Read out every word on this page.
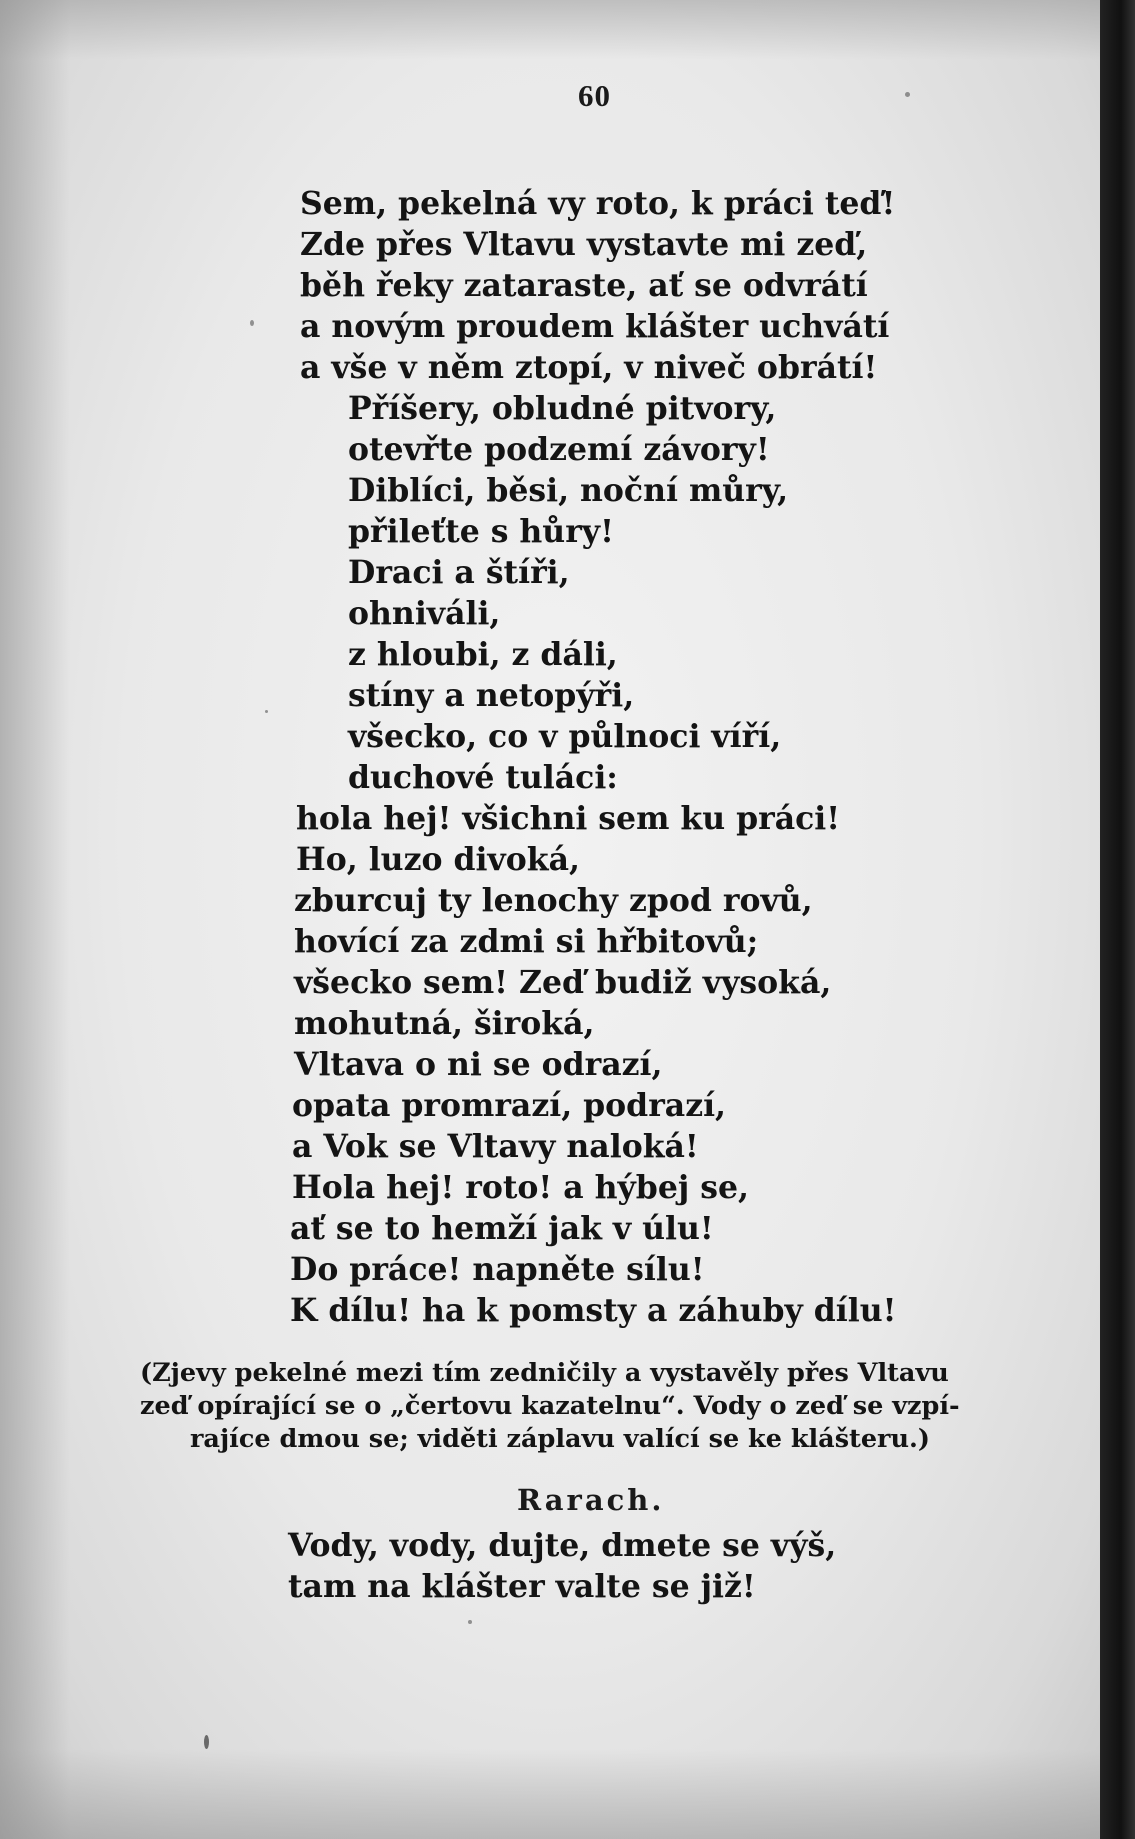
60
Sem, pekelná vy roto, k práci teď!
Zde přes Vltavu vystavte mi zeď,
běh řeky zataraste, ať se odvrátí
a novým proudem klášter uchvátí
a vše v něm ztopí, v niveč obrátí!
Příšery, obludné pitvory,
otevřte podzemí závory!
Diblíci, běsi, noční můry,
přileťte s hůry!
Draci a štíři,
ohniváli,
z hloubi, z dáli,
stíny a netopýři,
všecko, co v půlnoci víří,
duchové tuláci:
hola hej! všichni sem ku práci!
Ho, luzo divoká,
zburcuj ty lenochy zpod rovů,
hovící za zdmi si hřbitovů;
všecko sem! Zeď budiž vysoká,
mohutná, široká,
Vltava o ni se odrazí,
opata promrazí, podrazí,
a Vok se Vltavy naloká!
Hola hej! roto! a hýbej se,
ať se to hemží jak v úlu!
Do práce! napněte sílu!
K dílu! ha k pomsty a záhuby dílu!
(Zjevy pekelné mezi tím zedničily a vystavěly přes Vltavu
zeď opírající se o „čertovu kazatelnu“. Vody o zeď se vzpí-
rajíce dmou se; viděti záplavu valící se ke klášteru.)
Rarach.
Vody, vody, dujte, dmete se výš,
tam na klášter valte se již!
